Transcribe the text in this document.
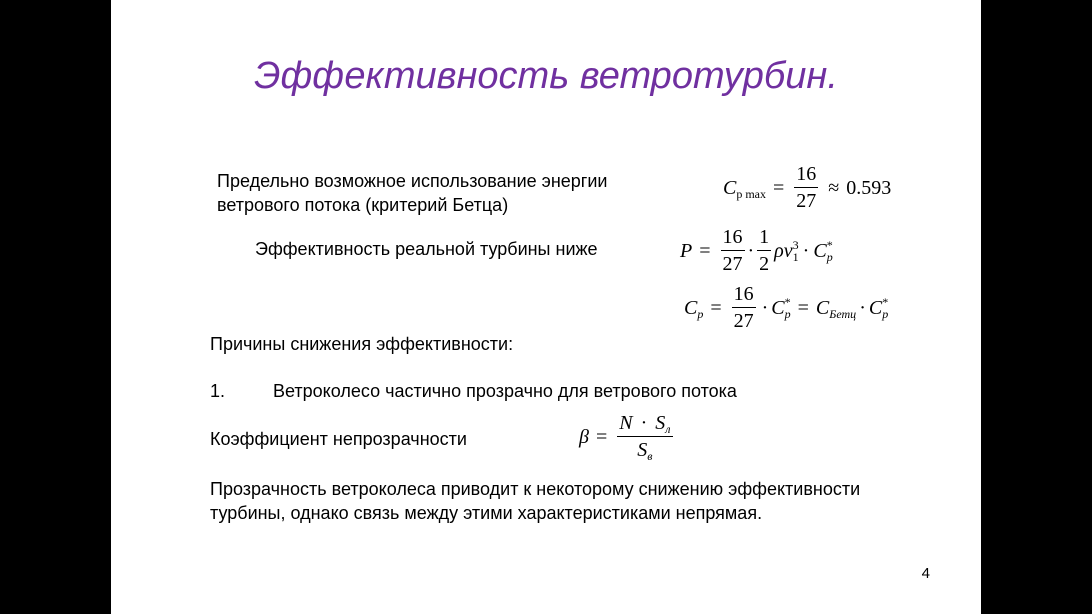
Эффективность ветротурбин.
Предельно возможное использование энергии
ветрового потока (критерий Бетца)
C p $\max = \frac{16}{27} \approx 0.593$
Эффективность реальной турбины ниже	$P = \frac{16}{27} \cdot \frac{1}{2}$ ρ v 3
1 · C *
p
C $p = \frac{16}{27} \cdot C$ *
p = C Бетц · C *
p
Причины снижения эффективности:
1.	Ветроколесо частично прозрачно для ветрового потока
Коэффициент непрозрачности	$\beta = \frac{N \cdot S_л}{S_в}$
Прозрачность ветроколеса приводит к некоторому снижению эффективности
турбины, однако связь между этими характеристиками непрямая.
4
